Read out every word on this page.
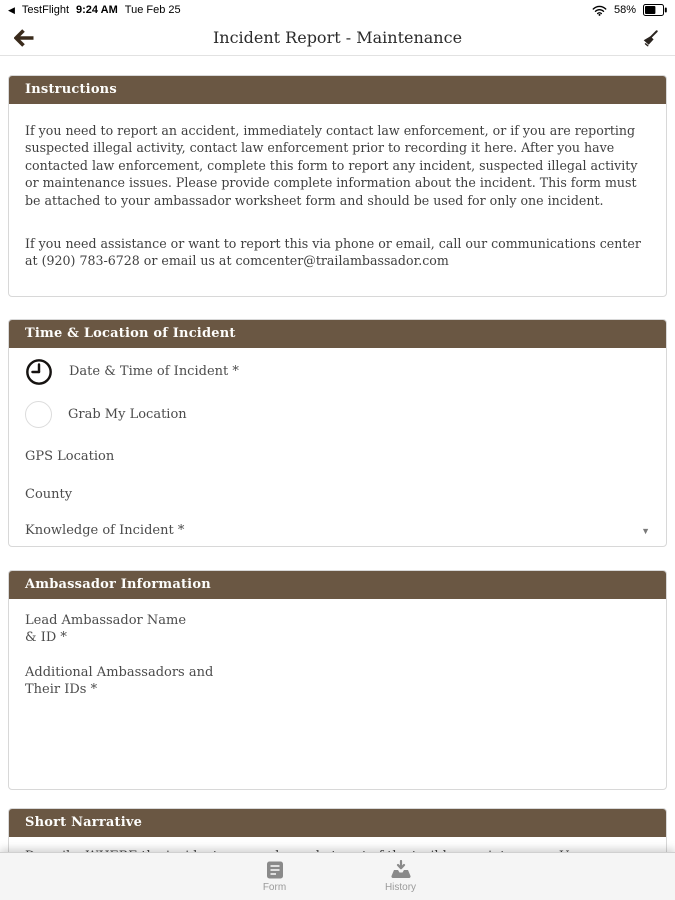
◀ TestFlight 9:24 AM Tue Feb 25	58%
Incident Report - Maintenance
Instructions

If you need to report an accident, immediately contact law enforcement, or if you are reporting suspected illegal activity, contact law enforcement prior to recording it here. After you have contacted law enforcement, complete this form to report any incident, suspected illegal activity or maintenance issues. Please provide complete information about the incident. This form must be attached to your ambassador worksheet form and should be used for only one incident.

If you need assistance or want to report this via phone or email, call our communications center at (920) 783-6728 or email us at comcenter@trailambassador.com

Time & Location of Incident
Date & Time of Incident *
Grab My Location
GPS Location
County
Knowledge of Incident *	▼
Ambassador Information
Lead Ambassador Name & ID *
Additional Ambassadors and Their IDs *
Short Narrative

Form	History
